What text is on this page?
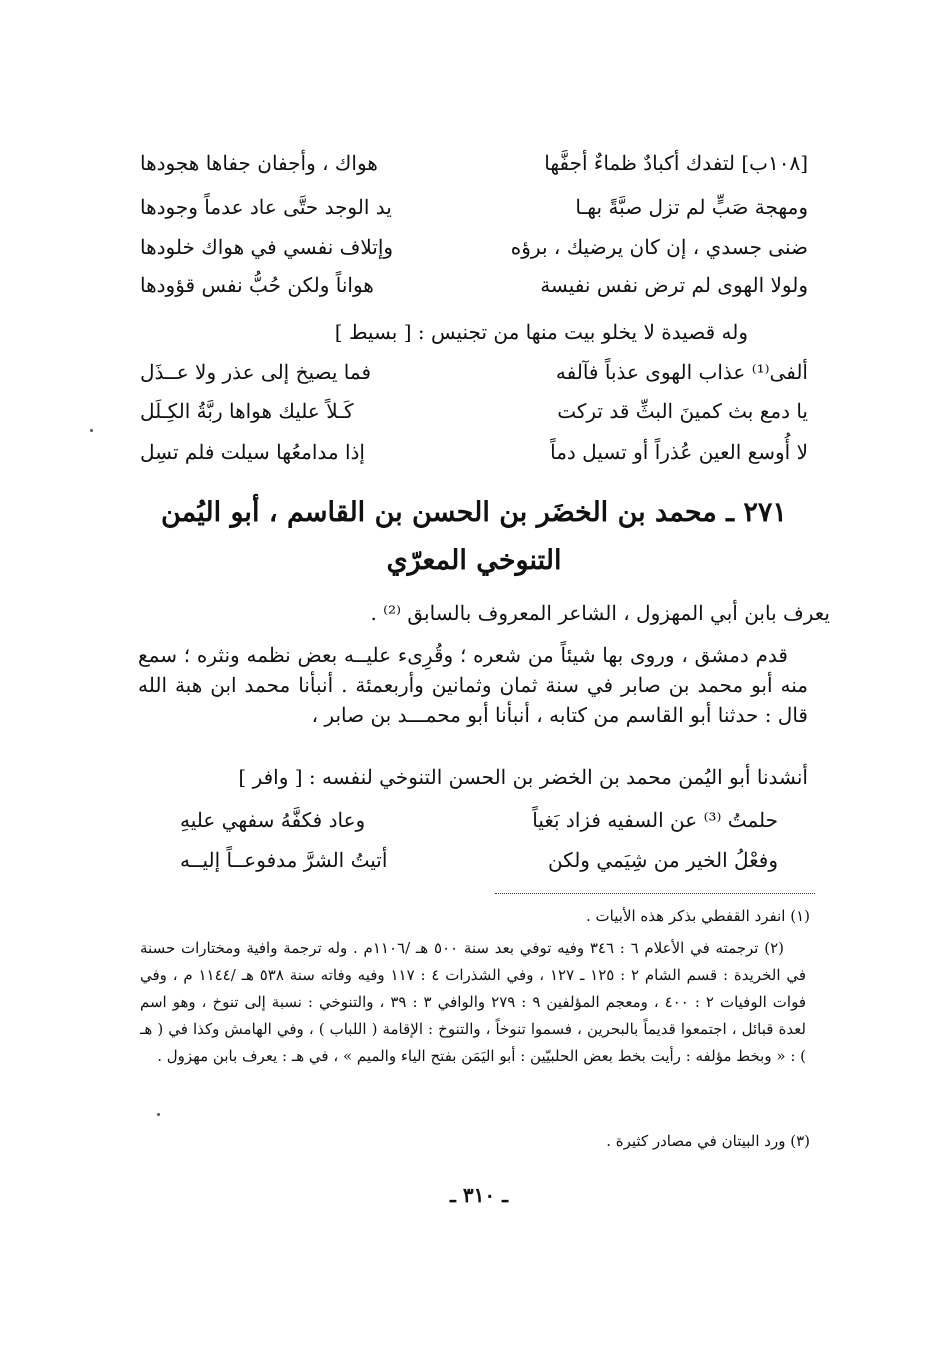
[١٠٨ب] لتفدك أكبادٌ ظماءٌ أجفَّها
هواك ، وأجفان جفاها هجودها
ومهجة صَبٍّ لم تزل صبَّةً بهـا
يد الوجد حتَّى عاد عدماً وجودها
ضنى جسدي ، إن كان يرضيك ، برؤه
وإتلاف نفسي في هواك خلودها
ولولا الهوى لم ترض نفس نفيسة
هواناً ولكن حُبُّ نفس قؤودها
وله قصيدة لا يخلو بيت منها من تجنيس : [ بسيط ]
ألفى⁽¹⁾ عذاب الهوى عذباً فآلفه
فما يصيخ إلى عذر ولا عــذَل
يا دمع بث كمينَ البثِّ قد تركت
كَـلاً عليك هواها ربَّةُ الكِـلَل
لا أُوسع العين عُذراً أو تسيل دماً
إذا مدامعُها سيلت فلم تسِل
٢٧١ ـ محمد بن الخضَر بن الحسن بن القاسم ، أبو اليُمن
التنوخي المعرّي
يعرف بابن أبي المهزول ، الشاعر المعروف بالسابق ⁽²⁾ .
قدم دمشق ، وروى بها شيئاً من شعره ؛ وقُرِىء عليــه بعض نظمه ونثره ؛ سمع منه أبو محمد بن صابر في سنة ثمان وثمانين وأربعمئة . أنبأنا محمد ابن هبة الله قال : حدثنا أبو القاسم من كتابه ، أنبأنا أبو محمـــد بن صابر ،
أنشدنا أبو اليُمن محمد بن الخضر بن الحسن التنوخي لنفسه : [ وافر ]
حلمتُ ⁽³⁾ عن السفيه فزاد بَغياً
وعاد فكفَّهُ سفهي عليهِ
وفعْلُ الخير من شِيَمي ولكن
أتيتُ الشرَّ مدفوعــاً إليــه
(١) انفرد القفطي بذكر هذه الأبيات .
(٢) ترجمته في الأعلام ٦ : ٣٤٦ وفيه توفي بعد سنة ٥٠٠ هـ /١١٠٦م . وله ترجمة وافية ومختارات حسنة في الخريدة : قسم الشام ٢ : ١٢٥ ـ ١٢٧ ، وفي الشذرات ٤ : ١١٧ وفيه وفاته سنة ٥٣٨ هـ /١١٤٤ م ، وفي فوات الوفيات ٢ : ٤٠٠ ، ومعجم المؤلفين ٩ : ٢٧٩ والوافي ٣ : ٣٩ ، والتنوخي : نسبة إلى تنوخ ، وهو اسم لعدة قبائل ، اجتمعوا قديماً بالبحرين ، فسموا تنوخاً ، والتنوخ : الإقامة ( اللباب ) ، وفي الهامش وكذا في ( هـ ) : « وبخط مؤلفه : رأيت بخط بعض الحلبيّين : أبو اليَمَن بفتح الياء والميم » ، في هـ : يعرف بابن مهزول .
(٣) ورد البيتان في مصادر كثيرة .
ـ ٣١٠ ـ
